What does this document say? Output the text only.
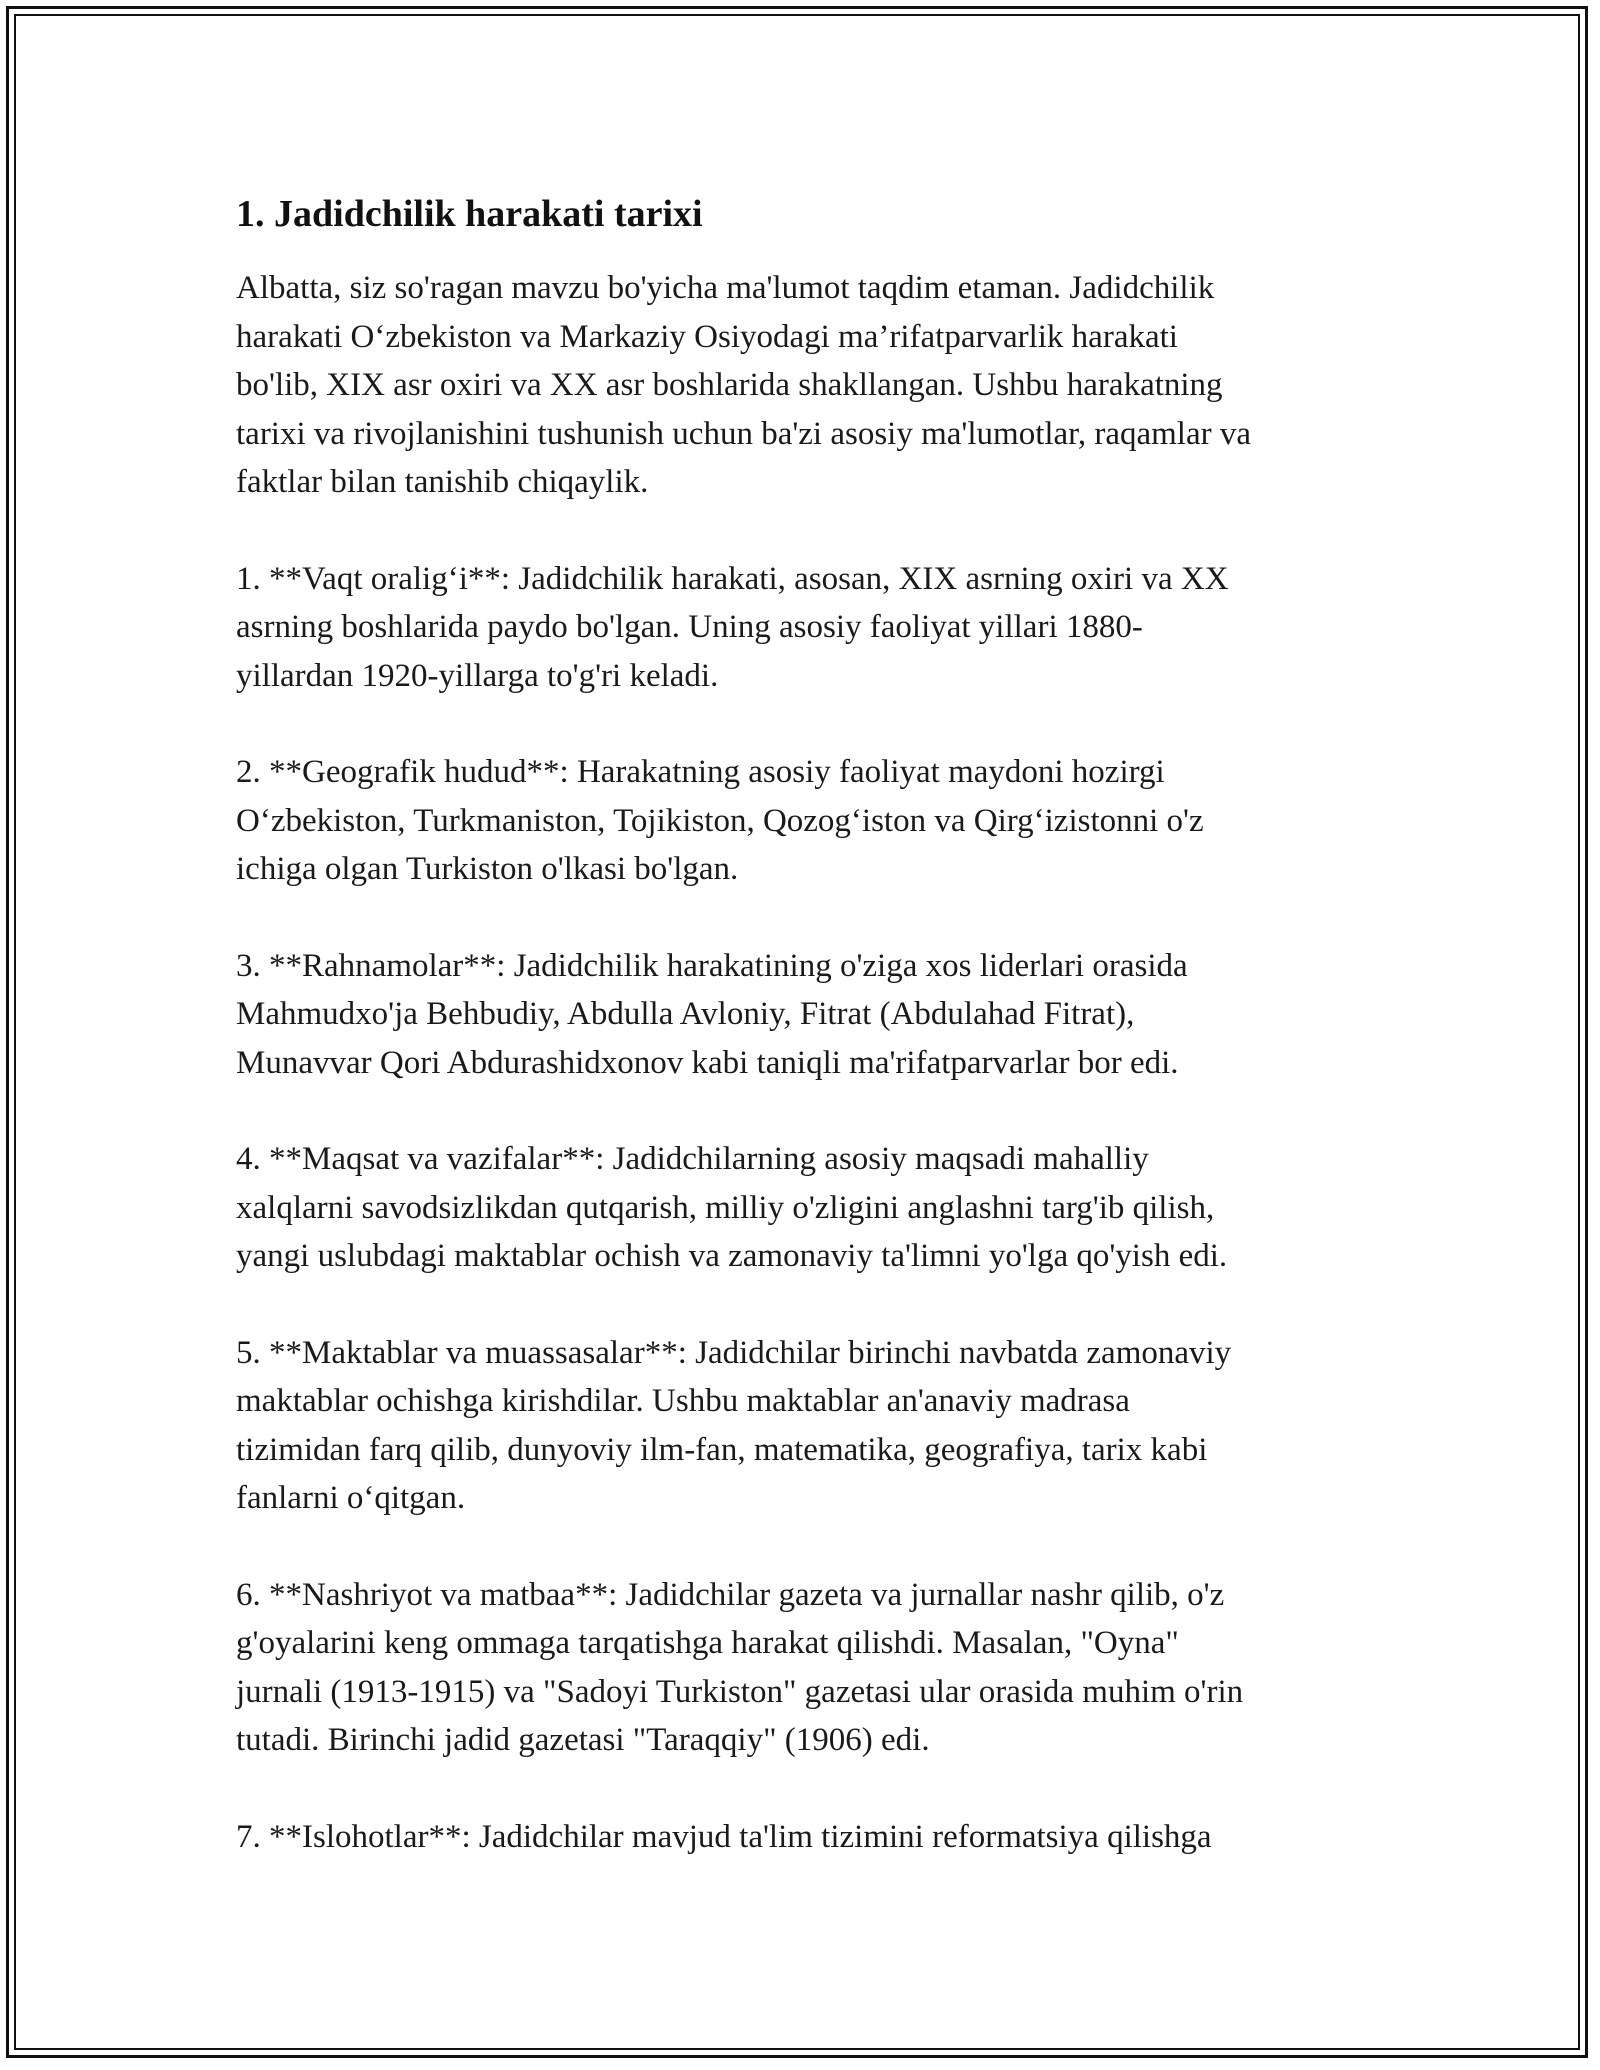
1. Jadidchilik harakati tarixi

Albatta, siz so'ragan mavzu bo'yicha ma'lumot taqdim etaman. Jadidchilik
harakati O‘zbekiston va Markaziy Osiyodagi ma’rifatparvarlik harakati
bo'lib, XIX asr oxiri va XX asr boshlarida shakllangan. Ushbu harakatning
tarixi va rivojlanishini tushunish uchun ba'zi asosiy ma'lumotlar, raqamlar va
faktlar bilan tanishib chiqaylik.

1. **Vaqt oralig‘i**: Jadidchilik harakati, asosan, XIX asrning oxiri va XX
asrning boshlarida paydo bo'lgan. Uning asosiy faoliyat yillari 1880-
yillardan 1920-yillarga to'g'ri keladi.

2. **Geografik hudud**: Harakatning asosiy faoliyat maydoni hozirgi
O‘zbekiston, Turkmaniston, Tojikiston, Qozog‘iston va Qirg‘izistonni o'z
ichiga olgan Turkiston o'lkasi bo'lgan.

3. **Rahnamolar**: Jadidchilik harakatining o'ziga xos liderlari orasida
Mahmudxo'ja Behbudiy, Abdulla Avloniy, Fitrat (Abdulahad Fitrat),
Munavvar Qori Abdurashidxonov kabi taniqli ma'rifatparvarlar bor edi.

4. **Maqsat va vazifalar**: Jadidchilarning asosiy maqsadi mahalliy
xalqlarni savodsizlikdan qutqarish, milliy o'zligini anglashni targ'ib qilish,
yangi uslubdagi maktablar ochish va zamonaviy ta'limni yo'lga qo'yish edi.

5. **Maktablar va muassasalar**: Jadidchilar birinchi navbatda zamonaviy
maktablar ochishga kirishdilar. Ushbu maktablar an'anaviy madrasa
tizimidan farq qilib, dunyoviy ilm-fan, matematika, geografiya, tarix kabi
fanlarni o‘qitgan.

6. **Nashriyot va matbaa**: Jadidchilar gazeta va jurnallar nashr qilib, o'z
g'oyalarini keng ommaga tarqatishga harakat qilishdi. Masalan, "Oyna"
jurnali (1913-1915) va "Sadoyi Turkiston" gazetasi ular orasida muhim o'rin
tutadi. Birinchi jadid gazetasi "Taraqqiy" (1906) edi.

7. **Islohotlar**: Jadidchilar mavjud ta'lim tizimini reformatsiya qilishga
